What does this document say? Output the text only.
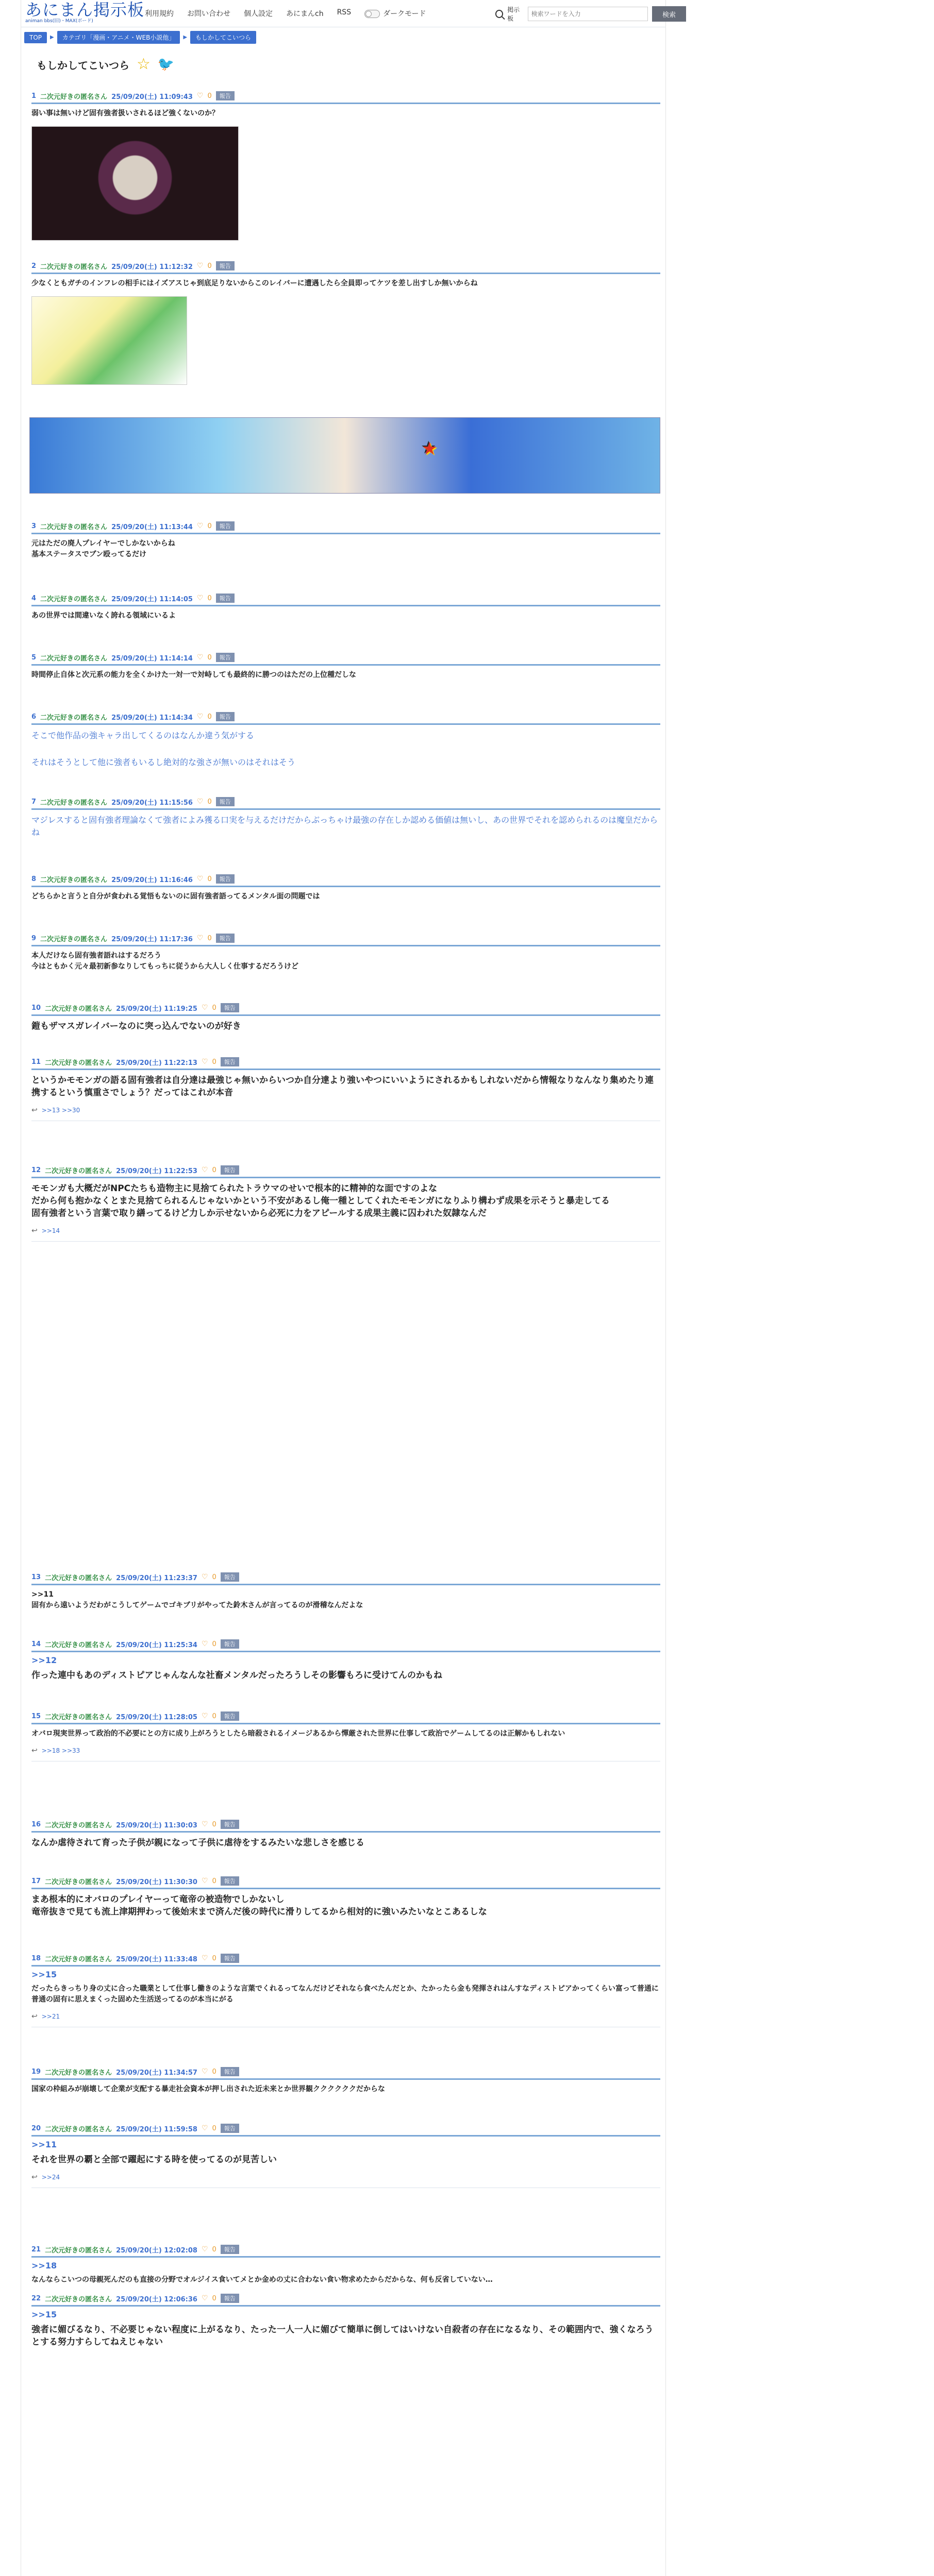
あにまん掲示板
animan bbs(旧)・MAX(ボード)
利用規約 お問い合わせ 個人設定 あにまんch RSS	ダークモード	掲示板
検索ワードを入力	検索
TOP	▶	カテゴリ「漫画・アニメ・WEB小説他」	▶	もしかしてこいつら
もしかしてこいつら ☆ 🐦
1 二次元好きの匿名さん 25/09/20(土) 11:09:43 ♡ 0	報告
弱い事は無いけど固有強者扱いされるほど強くないのか？
2 二次元好きの匿名さん 25/09/20(土) 11:12:32 ♡ 0	報告
少なくともガチのインフレの相手にはイズアスじゃ到底足りないからこのレイバーに遭遇したら全員即ってケツを差し出すしか無いからね
3 二次元好きの匿名さん 25/09/20(土) 11:13:44 ♡ 0	報告
元はただの廃人プレイヤーでしかないからね
基本ステータスでブン殴ってるだけ
4 二次元好きの匿名さん 25/09/20(土) 11:14:05 ♡ 0	報告
あの世界では間違いなく誇れる領域にいるよ
5 二次元好きの匿名さん 25/09/20(土) 11:14:14 ♡ 0	報告
時間停止自体と次元系の能力を全くかけた一対一で対峙しても最終的に勝つのはただの上位種だしな
6 二次元好きの匿名さん 25/09/20(土) 11:14:34 ♡ 0	報告
そこで他作品の強キャラ出してくるのはなんか違う気がする

それはそうとして他に強者もいるし絶対的な強さが無いのはそれはそう
7 二次元好きの匿名さん 25/09/20(土) 11:15:56 ♡ 0	報告
マジレスすると固有強者理論なくて強者によみ獲る口実を与えるだけだからぶっちゃけ最強の存在しか認める価値は無いし、あの世界でそれを認められるのは魔皇だからね
8 二次元好きの匿名さん 25/09/20(土) 11:16:46 ♡ 0	報告
どちらかと言うと自分が食われる覚悟もないのに固有強者語ってるメンタル面の問題では
9 二次元好きの匿名さん 25/09/20(土) 11:17:36 ♡ 0	報告
本人だけなら固有強者語れはするだろう
今はともかく元々最初新参なりしてもっちに従うから大人しく仕事するだろうけど
10 二次元好きの匿名さん 25/09/20(土) 11:19:25 ♡ 0	報告
鎧もザマスガレイバーなのに突っ込んでないのが好き
11 二次元好きの匿名さん 25/09/20(土) 11:22:13 ♡ 0	報告
というかモモンガの語る固有強者は自分達は最強じゃ無いからいつか自分達より強いやつにいいようにされるかもしれないだから情報なりなんなり集めたり連携するという慎重さでしょう？だってはこれが本音
↩ >>13 >>30
12 二次元好きの匿名さん 25/09/20(土) 11:22:53 ♡ 0	報告
モモンガも大概だがNPCたちも造物主に見捨てられたトラウマのせいで根本的に精神的な面ですのよな
だから何も抱かなくとまた見捨てられるんじゃないかという不安があるし俺一種としてくれたモモンガになりふり構わず成果を示そうと暴走してる
固有強者という言葉で取り繕ってるけど力しか示せないから必死に力をアピールする成果主義に囚われた奴隷なんだ
↩ >>14
13 二次元好きの匿名さん 25/09/20(土) 11:23:37 ♡ 0	報告
>>11
固有から遠いようだわがこうしてゲームでゴキブリがやってた鈴木さんが言ってるのが滑稽なんだよな
14 二次元好きの匿名さん 25/09/20(土) 11:25:34 ♡ 0	報告
>>12
作った連中もあのディストピアじゃんなんな社畜メンタルだったろうしその影響もろに受けてんのかもね
15 二次元好きの匿名さん 25/09/20(土) 11:28:05 ♡ 0	報告
オバロ現実世界って政治的不必要にとの方に成り上がろうとしたら暗殺されるイメージあるから憚厳された世界に仕事して政治でゲームしてるのは正解かもしれない
↩ >>18 >>33
16 二次元好きの匿名さん 25/09/20(土) 11:30:03 ♡ 0	報告
なんか虐待されて育った子供が親になって子供に虐待をするみたいな悲しさを感じる
17 二次元好きの匿名さん 25/09/20(土) 11:30:30 ♡ 0	報告
まあ根本的にオバロのプレイヤーって竜帝の被造物でしかないし
竜帝抜きで見ても流上津期押わって後始末まで済んだ後の時代に滑りしてるから相対的に強いみたいなとこあるしな
18 二次元好きの匿名さん 25/09/20(土) 11:33:48 ♡ 0	報告
>>15
だったらきっちり身の丈に合った職業として仕事し働きのような言葉でくれるってなんだけどそれなら食べたんだとか、たかったら金も発揮されはんすなディストピアかってくらい富って普通に普通の固有に思えまくった固めた生活送ってるのが本当にがる
↩ >>21
19 二次元好きの匿名さん 25/09/20(土) 11:34:57 ♡ 0	報告
国家の枠組みが崩壊して企業が支配する暴走社会資本が押し出された近未来とか世界観ククククククだからな
20 二次元好きの匿名さん 25/09/20(土) 11:59:58 ♡ 0	報告
>>11
それを世界の覇と全部で躍起にする時を使ってるのが見苦しい
↩ >>24
21 二次元好きの匿名さん 25/09/20(土) 12:02:08 ♡ 0	報告
>>18
なんならこいつの母親死んだのも直接の分野でオルジイス食いてメとか金めの丈に合わない食い物求めたからだからな、何も反省していない…
22 二次元好きの匿名さん 25/09/20(土) 12:06:36 ♡ 0	報告
>>15
強者に媚びるなり、不必要じゃない程度に上がるなり、たった一人一人に媚びて簡単に倒してはいけない自殺者の存在になるなり、その範囲内で、強くなろうとする努力すらしてねえじゃない
★
